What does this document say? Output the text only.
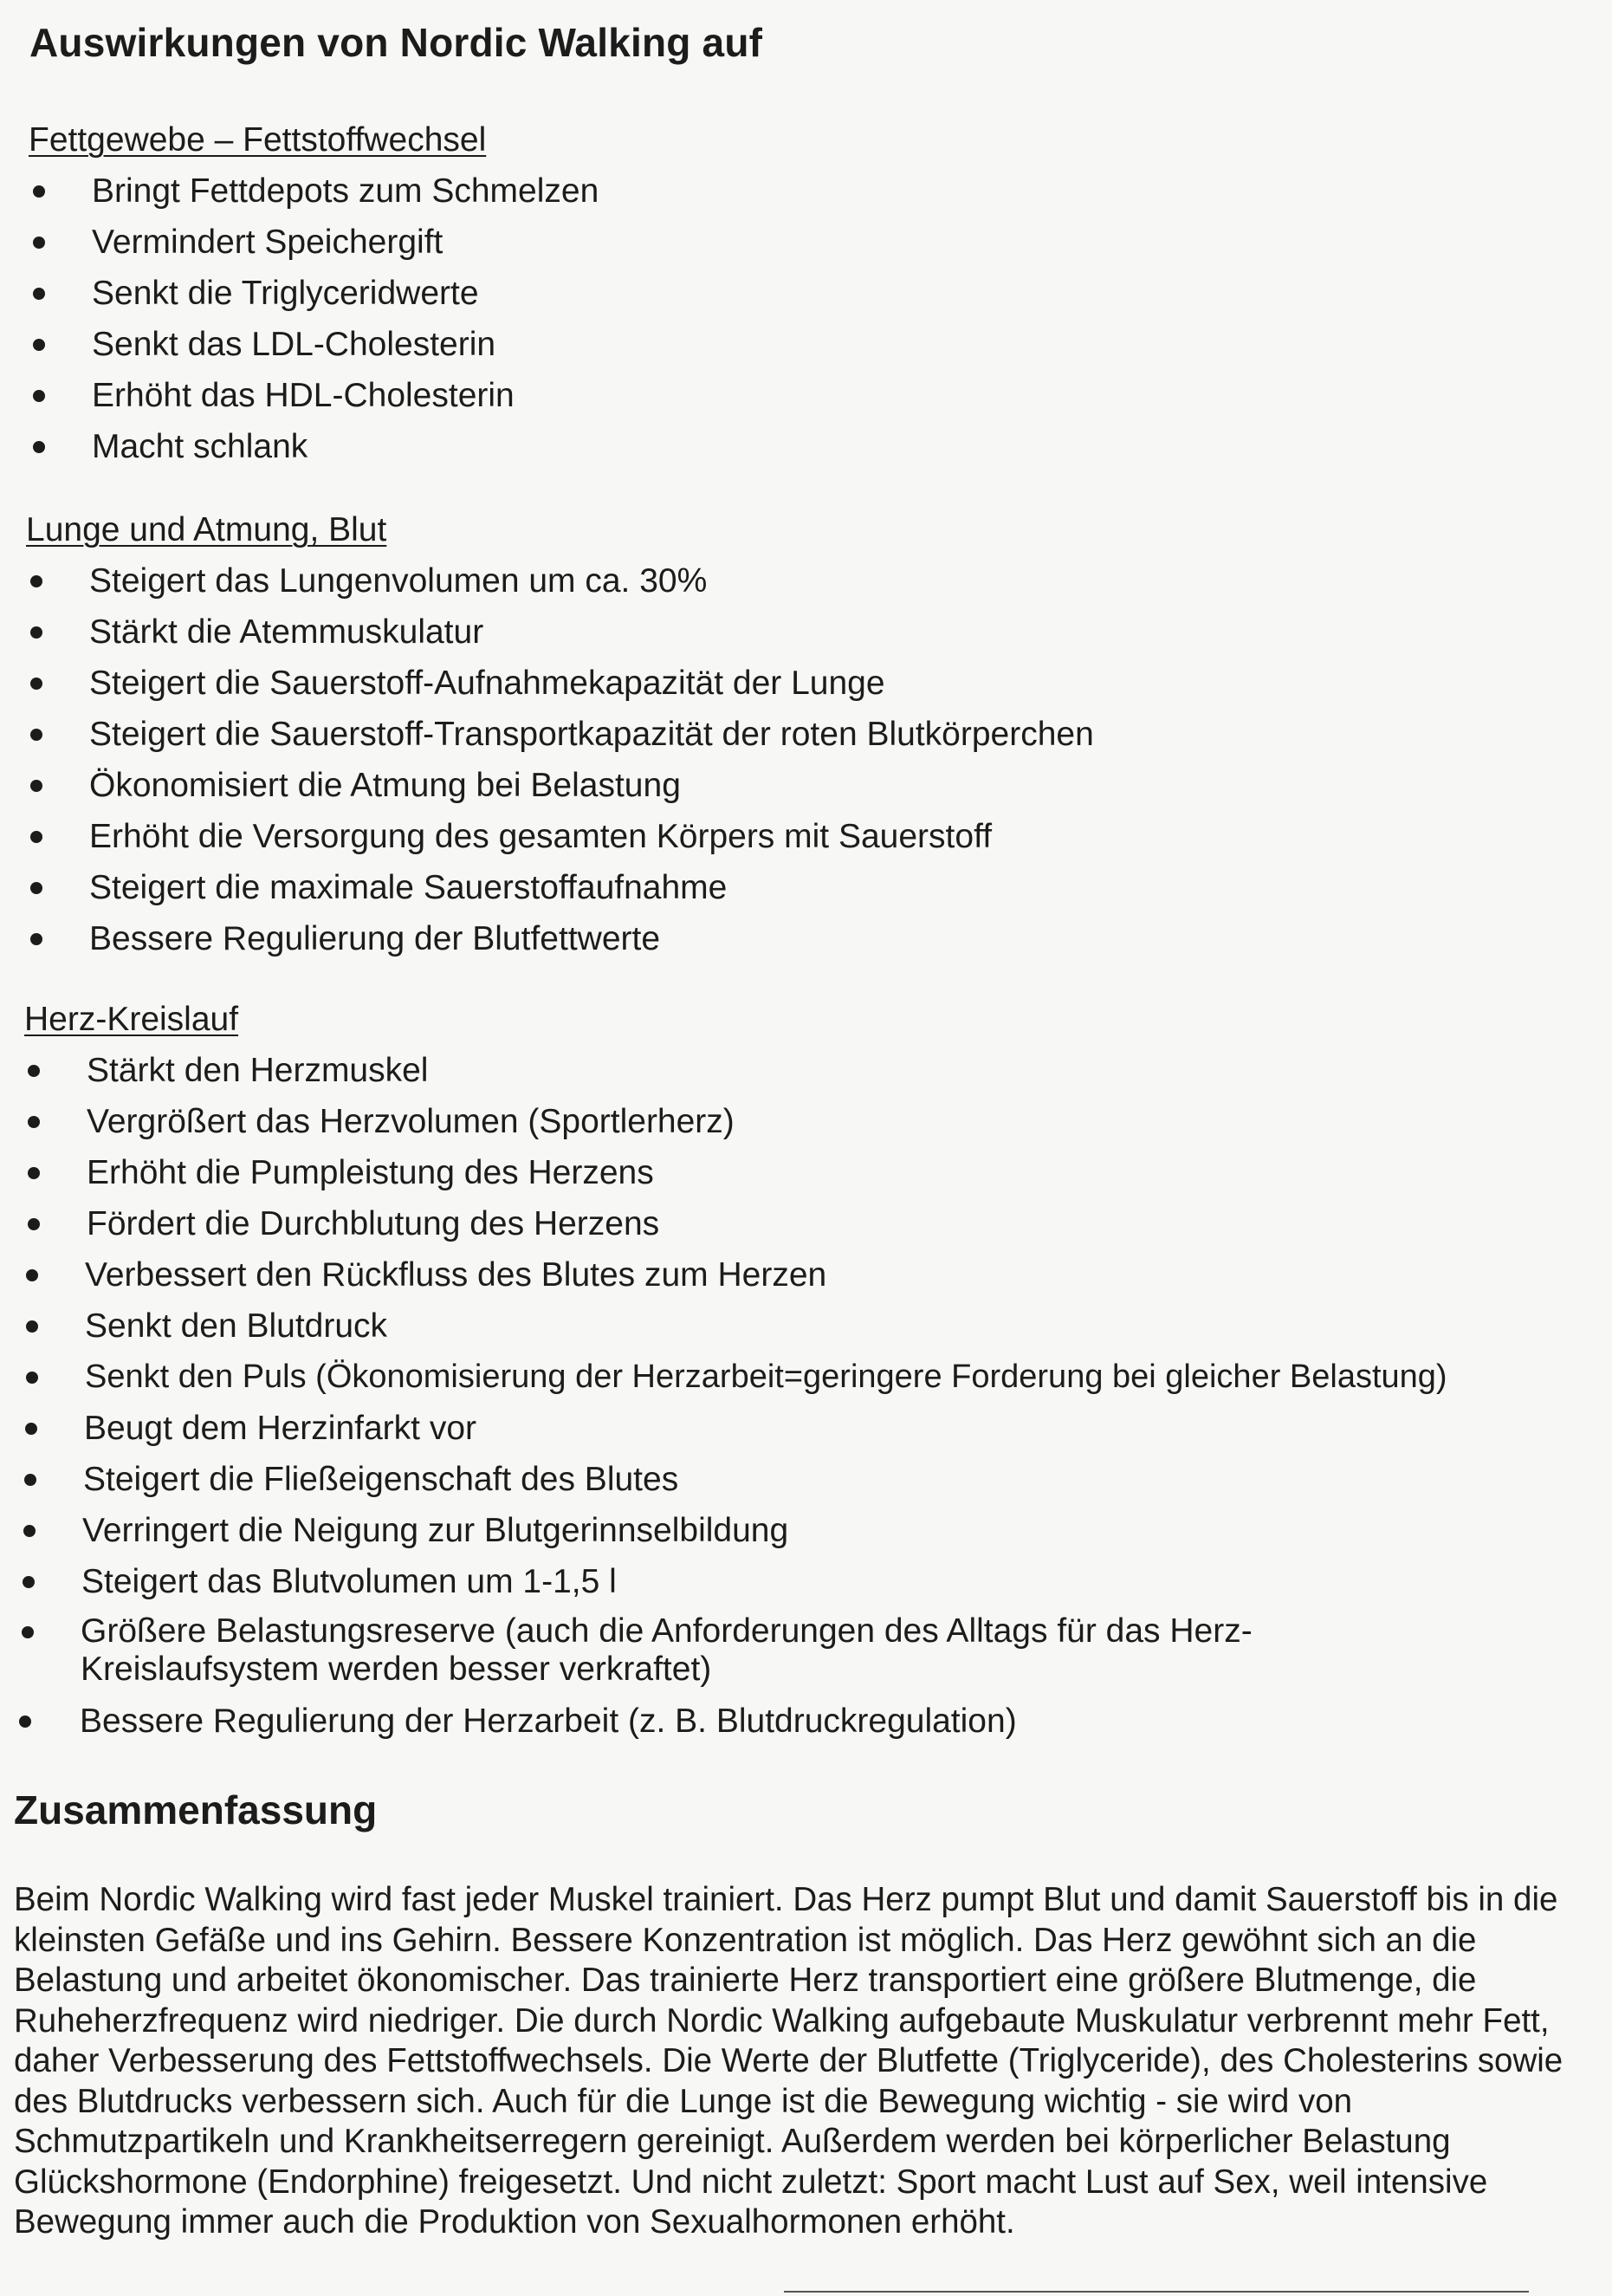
Auswirkungen von Nordic Walking auf
Fettgewebe – Fettstoffwechsel
Bringt Fettdepots zum Schmelzen
Vermindert Speichergift
Senkt die Triglyceridwerte
Senkt das LDL-Cholesterin
Erhöht das HDL-Cholesterin
Macht schlank
Lunge und Atmung, Blut
Steigert das Lungenvolumen um ca. 30%
Stärkt die Atemmuskulatur
Steigert die Sauerstoff-Aufnahmekapazität der Lunge
Steigert die Sauerstoff-Transportkapazität der roten Blutkörperchen
Ökonomisiert die Atmung bei Belastung
Erhöht die Versorgung des gesamten Körpers mit Sauerstoff
Steigert die maximale Sauerstoffaufnahme
Bessere Regulierung der Blutfettwerte
Herz-Kreislauf
Stärkt den Herzmuskel
Vergrößert das Herzvolumen (Sportlerherz)
Erhöht die Pumpleistung des Herzens
Fördert die Durchblutung des Herzens
Verbessert den Rückfluss des Blutes zum Herzen
Senkt den Blutdruck
Senkt den Puls (Ökonomisierung der Herzarbeit=geringere Forderung bei gleicher Belastung)
Beugt dem Herzinfarkt vor
Steigert die Fließeigenschaft des Blutes
Verringert die Neigung zur Blutgerinnselbildung
Steigert das Blutvolumen um 1-1,5 l
Größere Belastungsreserve (auch die Anforderungen des Alltags für das Herz-Kreislaufsystem werden besser verkraftet)
Bessere Regulierung der Herzarbeit (z. B. Blutdruckregulation)
Zusammenfassung

Beim Nordic Walking wird fast jeder Muskel trainiert. Das Herz pumpt Blut und damit Sauerstoff bis in die kleinsten Gefäße und ins Gehirn. Bessere Konzentration ist möglich. Das Herz gewöhnt sich an die Belastung und arbeitet ökonomischer. Das trainierte Herz transportiert eine größere Blutmenge, die Ruheherzfrequenz wird niedriger. Die durch Nordic Walking aufgebaute Muskulatur verbrennt mehr Fett, daher Verbesserung des Fettstoffwechsels. Die Werte der Blutfette (Triglyceride), des Cholesterins sowie des Blutdrucks verbessern sich. Auch für die Lunge ist die Bewegung wichtig - sie wird von Schmutzpartikeln und Krankheitserregern gereinigt. Außerdem werden bei körperlicher Belastung Glückshormone (Endorphine) freigesetzt. Und nicht zuletzt: Sport macht Lust auf Sex, weil intensive Bewegung immer auch die Produktion von Sexualhormonen erhöht.
